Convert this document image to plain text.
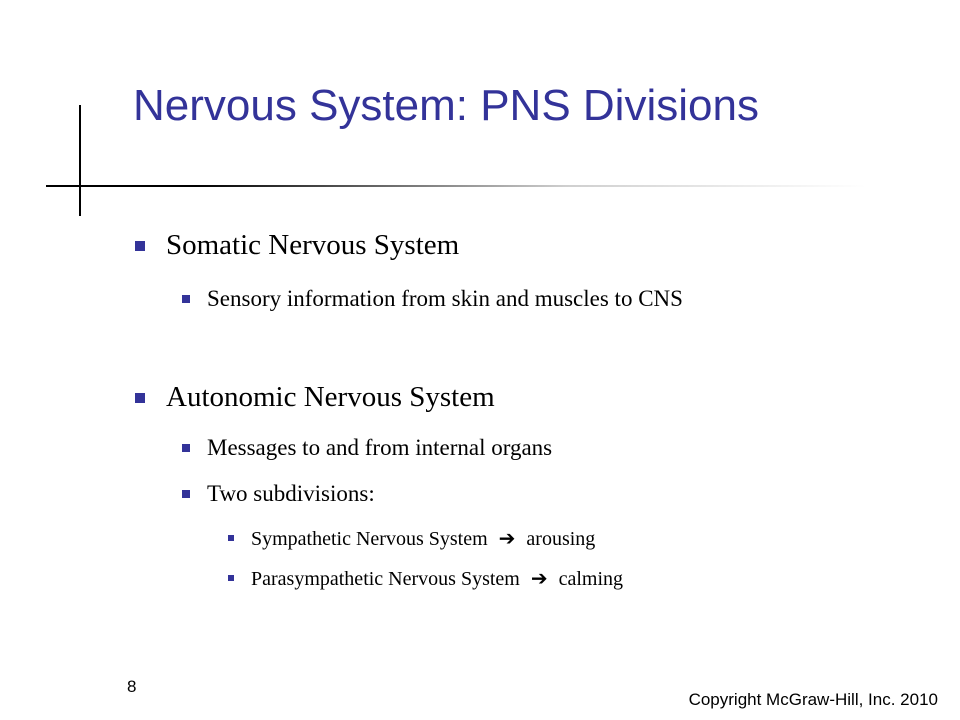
Nervous System: PNS Divisions
Somatic Nervous System
Sensory information from skin and muscles to CNS
Autonomic Nervous System
Messages to and from internal organs
Two subdivisions:
Sympathetic Nervous System ➔ arousing
Parasympathetic Nervous System ➔ calming
8
Copyright McGraw-Hill, Inc. 2010
